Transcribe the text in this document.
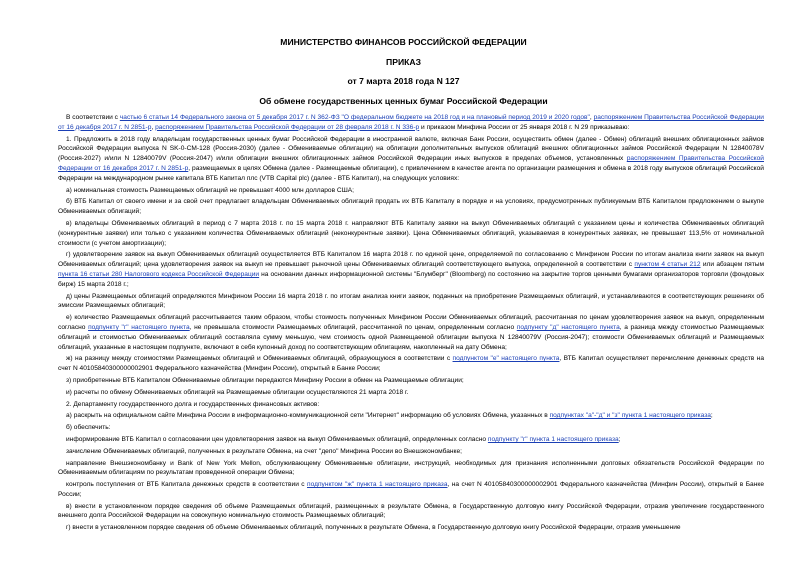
МИНИСТЕРСТВО ФИНАНСОВ РОССИЙСКОЙ ФЕДЕРАЦИИ
ПРИКАЗ
от 7 марта 2018 года N 127
Об обмене государственных ценных бумаг Российской Федерации

В соответствии с частью 6 статьи 14 Федерального закона от 5 декабря 2017 г. N 362-ФЗ "О федеральном бюджете на 2018 год и на плановый период 2019 и 2020 годов", распоряжением Правительства Российской Федерации от 16 декабря 2017 г. N 2851-р, распоряжением Правительства Российской Федерации от 28 февраля 2018 г. N 336-р и приказом Минфина России от 25 января 2018 г. N 29 приказываю:

1. Предложить в 2018 году владельцам государственных ценных бумаг Российской Федерации в иностранной валюте, включая Банк России, осуществить обмен (далее - Обмен) облигаций внешних облигационных займов Российской Федерации выпуска N SK-0-CM-128 (Россия-2030) (далее - Обмениваемые облигации) на облигации дополнительных выпусков облигаций внешних облигационных займов Российской Федерации N 12840078V (Россия-2027) и/или N 12840079V (Россия-2047) и/или облигации внешних облигационных займов Российской Федерации иных выпусков в пределах объемов, установленных распоряжением Правительства Российской Федерации от 16 декабря 2017 г. N 2851-р, размещаемых в целях Обмена (далее - Размещаемые облигации), с привлечением в качестве агента по организации размещения и обмена в 2018 году выпусков облигаций Российской Федерации на международном рынке капитала ВТБ Капитал плс (VTB Capital plc) (далее - ВТБ Капитал), на следующих условиях:

а) номинальная стоимость Размещаемых облигаций не превышает 4000 млн долларов США;

б) ВТБ Капитал от своего имени и за свой счет предлагает владельцам Обмениваемых облигаций продать их ВТБ Капиталу в порядке и на условиях, предусмотренных публикуемым ВТБ Капиталом предложением о выкупе Обмениваемых облигаций;

в) владельцы Обмениваемых облигаций в период с 7 марта 2018 г. по 15 марта 2018 г. направляют ВТБ Капиталу заявки на выкуп Обмениваемых облигаций с указанием цены и количества Обмениваемых облигаций (конкурентные заявки) или только с указанием количества Обмениваемых облигаций (неконкурентные заявки). Цена Обмениваемых облигаций, указываемая в конкурентных заявках, не превышает 113,5% от номинальной стоимости (с учетом амортизации);

г) удовлетворение заявок на выкуп Обмениваемых облигаций осуществляется ВТБ Капиталом 16 марта 2018 г. по единой цене, определяемой по согласованию с Минфином России по итогам анализа книги заявок на выкуп Обмениваемых облигаций; цена удовлетворения заявок на выкуп не превышает рыночной цены Обмениваемых облигаций соответствующего выпуска, определенной в соответствии с пунктом 4 статьи 212 или абзацем пятым пункта 16 статьи 280 Налогового кодекса Российской Федерации на основании данных информационной системы "Блумберг" (Bloomberg) по состоянию на закрытие торгов ценными бумагами организаторов торговли (фондовых бирж) 15 марта 2018 г.;

д) цены Размещаемых облигаций определяются Минфином России 16 марта 2018 г. по итогам анализа книги заявок, поданных на приобретение Размещаемых облигаций, и устанавливаются в соответствующих решениях об эмиссии Размещаемых облигаций;

е) количество Размещаемых облигаций рассчитывается таким образом, чтобы стоимость полученных Минфином России Обмениваемых облигаций, рассчитанная по ценам удовлетворения заявок на выкуп, определенным согласно подпункту "г" настоящего пункта, не превышала стоимости Размещаемых облигаций, рассчитанной по ценам, определенным согласно подпункту "д" настоящего пункта, а разница между стоимостью Размещаемых облигаций и стоимостью Обмениваемых облигаций составляла сумму меньшую, чем стоимость одной Размещаемой облигации выпуска N 12840079V (Россия-2047); стоимости Обмениваемых облигаций и Размещаемых облигаций, указанные в настоящем подпункте, включают в себя купонный доход по соответствующим облигациям, накопленный на дату Обмена;

ж) на разницу между стоимостями Размещаемых облигаций и Обмениваемых облигаций, образующуюся в соответствии с подпунктом "е" настоящего пункта, ВТБ Капитал осуществляет перечисление денежных средств на счет N 40105840300000002901 Федерального казначейства (Минфин России), открытый в Банке России;

з) приобретенные ВТБ Капиталом Обмениваемые облигации передаются Минфину России в обмен на Размещаемые облигации;

и) расчеты по обмену Обмениваемых облигаций на Размещаемые облигации осуществляются 21 марта 2018 г.

2. Департаменту государственного долга и государственных финансовых активов:

а) раскрыть на официальном сайте Минфина России в информационно-коммуникационной сети "Интернет" информацию об условиях Обмена, указанных в подпунктах "а"-"д" и "з" пункта 1 настоящего приказа;

б) обеспечить:

информирование ВТБ Капитал о согласовании цен удовлетворения заявок на выкуп Обмениваемых облигаций, определенных согласно подпункту "г" пункта 1 настоящего приказа;

зачисление Обмениваемых облигаций, полученных в результате Обмена, на счет "депо" Минфина России во Внешэкономбанке;

направление Внешэкономбанку и Bank of New York Mellon, обслуживающему Обмениваемые облигации, инструкций, необходимых для признания исполненными долговых обязательств Российской Федерации по Обмениваемым облигациям по результатам проведенной операции Обмена;

контроль поступления от ВТБ Капитала денежных средств в соответствии с подпунктом "ж" пункта 1 настоящего приказа, на счет N 40105840300000002901 Федерального казначейства (Минфин России), открытый в Банке России;

в) внести в установленном порядке сведения об объеме Размещаемых облигаций, размещенных в результате Обмена, в Государственную долговую книгу Российской Федерации, отразив увеличение государственного внешнего долга Российской Федерации на совокупную номинальную стоимость Размещаемых облигаций;

г) внести в установленном порядке сведения об объеме Обмениваемых облигаций, полученных в результате Обмена, в Государственную долговую книгу Российской Федерации, отразив уменьшение
